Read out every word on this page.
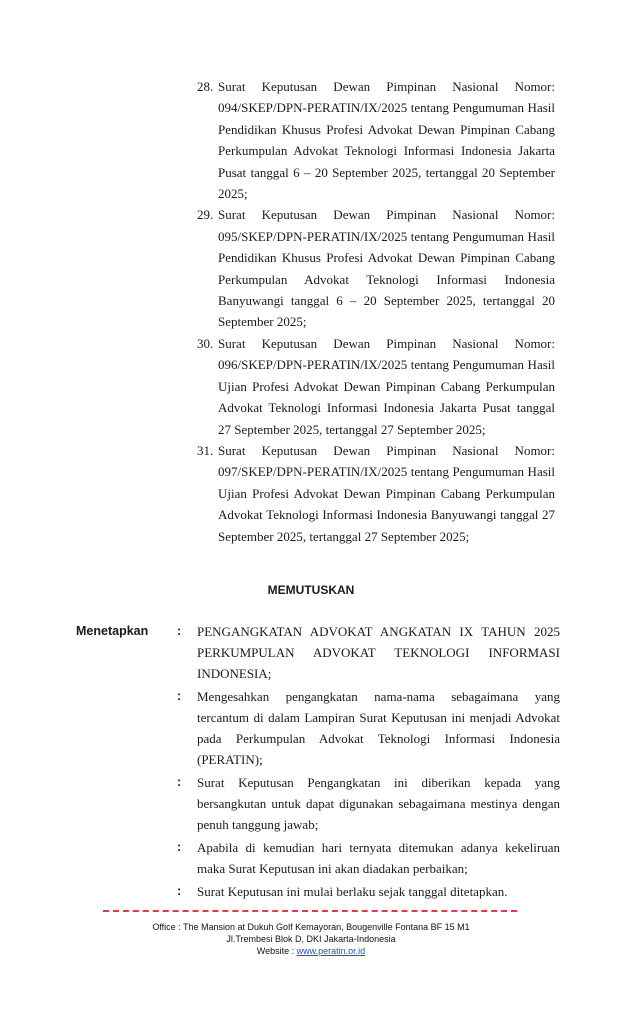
28. Surat Keputusan Dewan Pimpinan Nasional Nomor: 094/SKEP/DPN-PERATIN/IX/2025 tentang Pengumuman Hasil Pendidikan Khusus Profesi Advokat Dewan Pimpinan Cabang Perkumpulan Advokat Teknologi Informasi Indonesia Jakarta Pusat tanggal 6 – 20 September 2025, tertanggal 20 September 2025;
29. Surat Keputusan Dewan Pimpinan Nasional Nomor: 095/SKEP/DPN-PERATIN/IX/2025 tentang Pengumuman Hasil Pendidikan Khusus Profesi Advokat Dewan Pimpinan Cabang Perkumpulan Advokat Teknologi Informasi Indonesia Banyuwangi tanggal 6 – 20 September 2025, tertanggal 20 September 2025;
30. Surat Keputusan Dewan Pimpinan Nasional Nomor: 096/SKEP/DPN-PERATIN/IX/2025 tentang Pengumuman Hasil Ujian Profesi Advokat Dewan Pimpinan Cabang Perkumpulan Advokat Teknologi Informasi Indonesia Jakarta Pusat tanggal 27 September 2025, tertanggal 27 September 2025;
31. Surat Keputusan Dewan Pimpinan Nasional Nomor: 097/SKEP/DPN-PERATIN/IX/2025 tentang Pengumuman Hasil Ujian Profesi Advokat Dewan Pimpinan Cabang Perkumpulan Advokat Teknologi Informasi Indonesia Banyuwangi tanggal 27 September 2025, tertanggal 27 September 2025;
MEMUTUSKAN
Menetapkan : PENGANGKATAN ADVOKAT ANGKATAN IX TAHUN 2025 PERKUMPULAN ADVOKAT TEKNOLOGI INFORMASI INDONESIA;
: Mengesahkan pengangkatan nama-nama sebagaimana yang tercantum di dalam Lampiran Surat Keputusan ini menjadi Advokat pada Perkumpulan Advokat Teknologi Informasi Indonesia (PERATIN);
: Surat Keputusan Pengangkatan ini diberikan kepada yang bersangkutan untuk dapat digunakan sebagaimana mestinya dengan penuh tanggung jawab;
: Apabila di kemudian hari ternyata ditemukan adanya kekeliruan maka Surat Keputusan ini akan diadakan perbaikan;
: Surat Keputusan ini mulai berlaku sejak tanggal ditetapkan.
Office : The Mansion at Dukuh Golf Kemayoran, Bougenville Fontana BF 15 M1
Jl.Trembesi Blok D, DKI Jakarta-Indonesia
Website : www.peratin.or.id
